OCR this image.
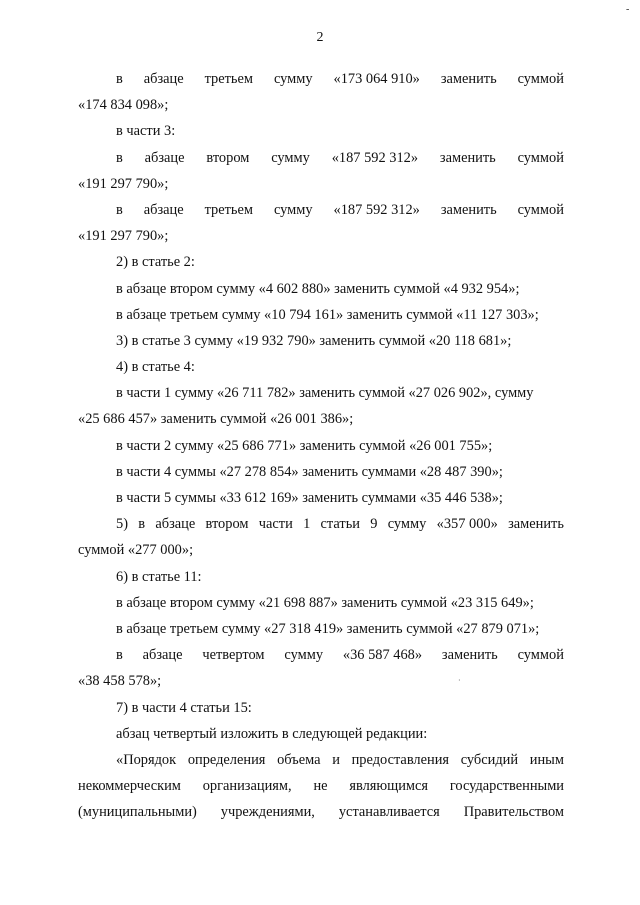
-
2
·
в абзаце третьем сумму «173 064 910» заменить суммой
«174 834 098»;
в части 3:
в абзаце втором сумму «187 592 312» заменить суммой
«191 297 790»;
в абзаце третьем сумму «187 592 312» заменить суммой
«191 297 790»;
2) в статье 2:
в абзаце втором сумму «4 602 880» заменить суммой «4 932 954»;
в абзаце третьем сумму «10 794 161» заменить суммой «11 127 303»;
3) в статье 3 сумму «19 932 790» заменить суммой «20 118 681»;
4) в статье 4:
в части 1 сумму «26 711 782» заменить суммой «27 026 902», сумму
«25 686 457» заменить суммой «26 001 386»;
в части 2 сумму «25 686 771» заменить суммой «26 001 755»;
в части 4 суммы «27 278 854» заменить суммами «28 487 390»;
в части 5 суммы «33 612 169» заменить суммами «35 446 538»;
5) в абзаце втором части 1 статьи 9 сумму «357 000» заменить
суммой «277 000»;
6) в статье 11:
в абзаце втором сумму «21 698 887» заменить суммой «23 315 649»;
в абзаце третьем сумму «27 318 419» заменить суммой «27 879 071»;
в абзаце четвертом сумму «36 587 468» заменить суммой
«38 458 578»;
7) в части 4 статьи 15:
абзац четвертый изложить в следующей редакции:
«Порядок определения объема и предоставления субсидий иным
некоммерческим организациям, не являющимся государственными
(муниципальными) учреждениями, устанавливается Правительством
